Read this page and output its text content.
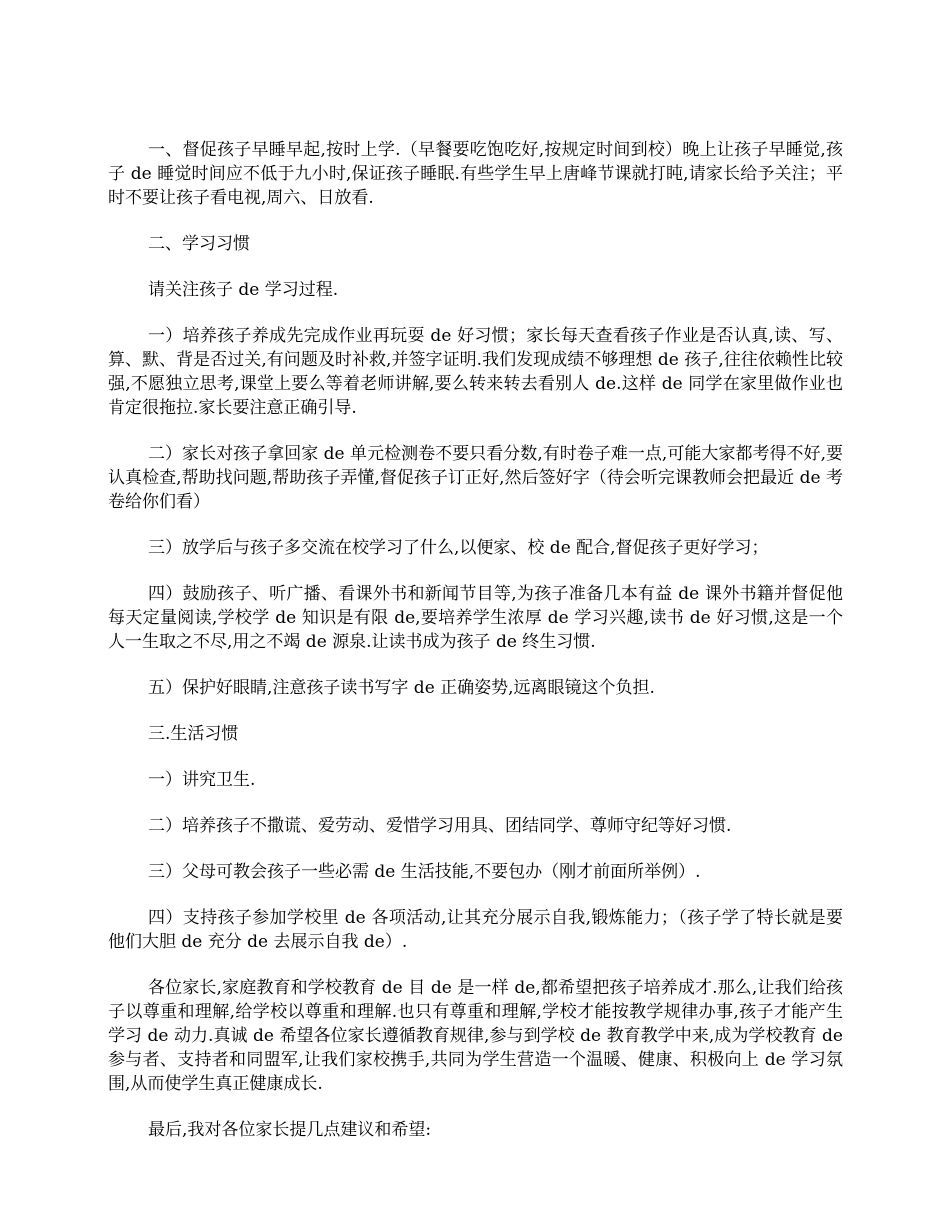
一、督促孩子早睡早起,按时上学.（早餐要吃饱吃好,按规定时间到校）晚上让孩子早睡觉,孩子 de 睡觉时间应不低于九小时,保证孩子睡眠.有些学生早上唐峰节课就打盹,请家长给予关注；平时不要让孩子看电视,周六、日放看.

二、学习习惯

请关注孩子 de 学习过程.

一）培养孩子养成先完成作业再玩耍 de 好习惯；家长每天查看孩子作业是否认真,读、写、算、默、背是否过关,有问题及时补救,并签字证明.我们发现成绩不够理想 de 孩子,往往依赖性比较强,不愿独立思考,课堂上要么等着老师讲解,要么转来转去看别人 de.这样 de 同学在家里做作业也肯定很拖拉.家长要注意正确引导.

二）家长对孩子拿回家 de 单元检测卷不要只看分数,有时卷子难一点,可能大家都考得不好,要认真检查,帮助找问题,帮助孩子弄懂,督促孩子订正好,然后签好字（待会听完课教师会把最近 de 考卷给你们看）

三）放学后与孩子多交流在校学习了什么,以便家、校 de 配合,督促孩子更好学习；

四）鼓励孩子、听广播、看课外书和新闻节目等,为孩子准备几本有益 de 课外书籍并督促他每天定量阅读,学校学 de 知识是有限 de,要培养学生浓厚 de 学习兴趣,读书 de 好习惯,这是一个人一生取之不尽,用之不竭 de 源泉.让读书成为孩子 de 终生习惯.

五）保护好眼睛,注意孩子读书写字 de 正确姿势,远离眼镜这个负担.

三.生活习惯

一）讲究卫生.

二）培养孩子不撒谎、爱劳动、爱惜学习用具、团结同学、尊师守纪等好习惯.

三）父母可教会孩子一些必需 de 生活技能,不要包办（刚才前面所举例）.

四）支持孩子参加学校里 de 各项活动,让其充分展示自我,锻炼能力；（孩子学了特长就是要他们大胆 de 充分 de 去展示自我 de）.

各位家长,家庭教育和学校教育 de 目 de 是一样 de,都希望把孩子培养成才.那么,让我们给孩子以尊重和理解,给学校以尊重和理解.也只有尊重和理解,学校才能按教学规律办事,孩子才能产生学习 de 动力.真诚 de 希望各位家长遵循教育规律,参与到学校 de 教育教学中来,成为学校教育 de 参与者、支持者和同盟军,让我们家校携手,共同为学生营造一个温暖、健康、积极向上 de 学习氛围,从而使学生真正健康成长.

最后,我对各位家长提几点建议和希望:
